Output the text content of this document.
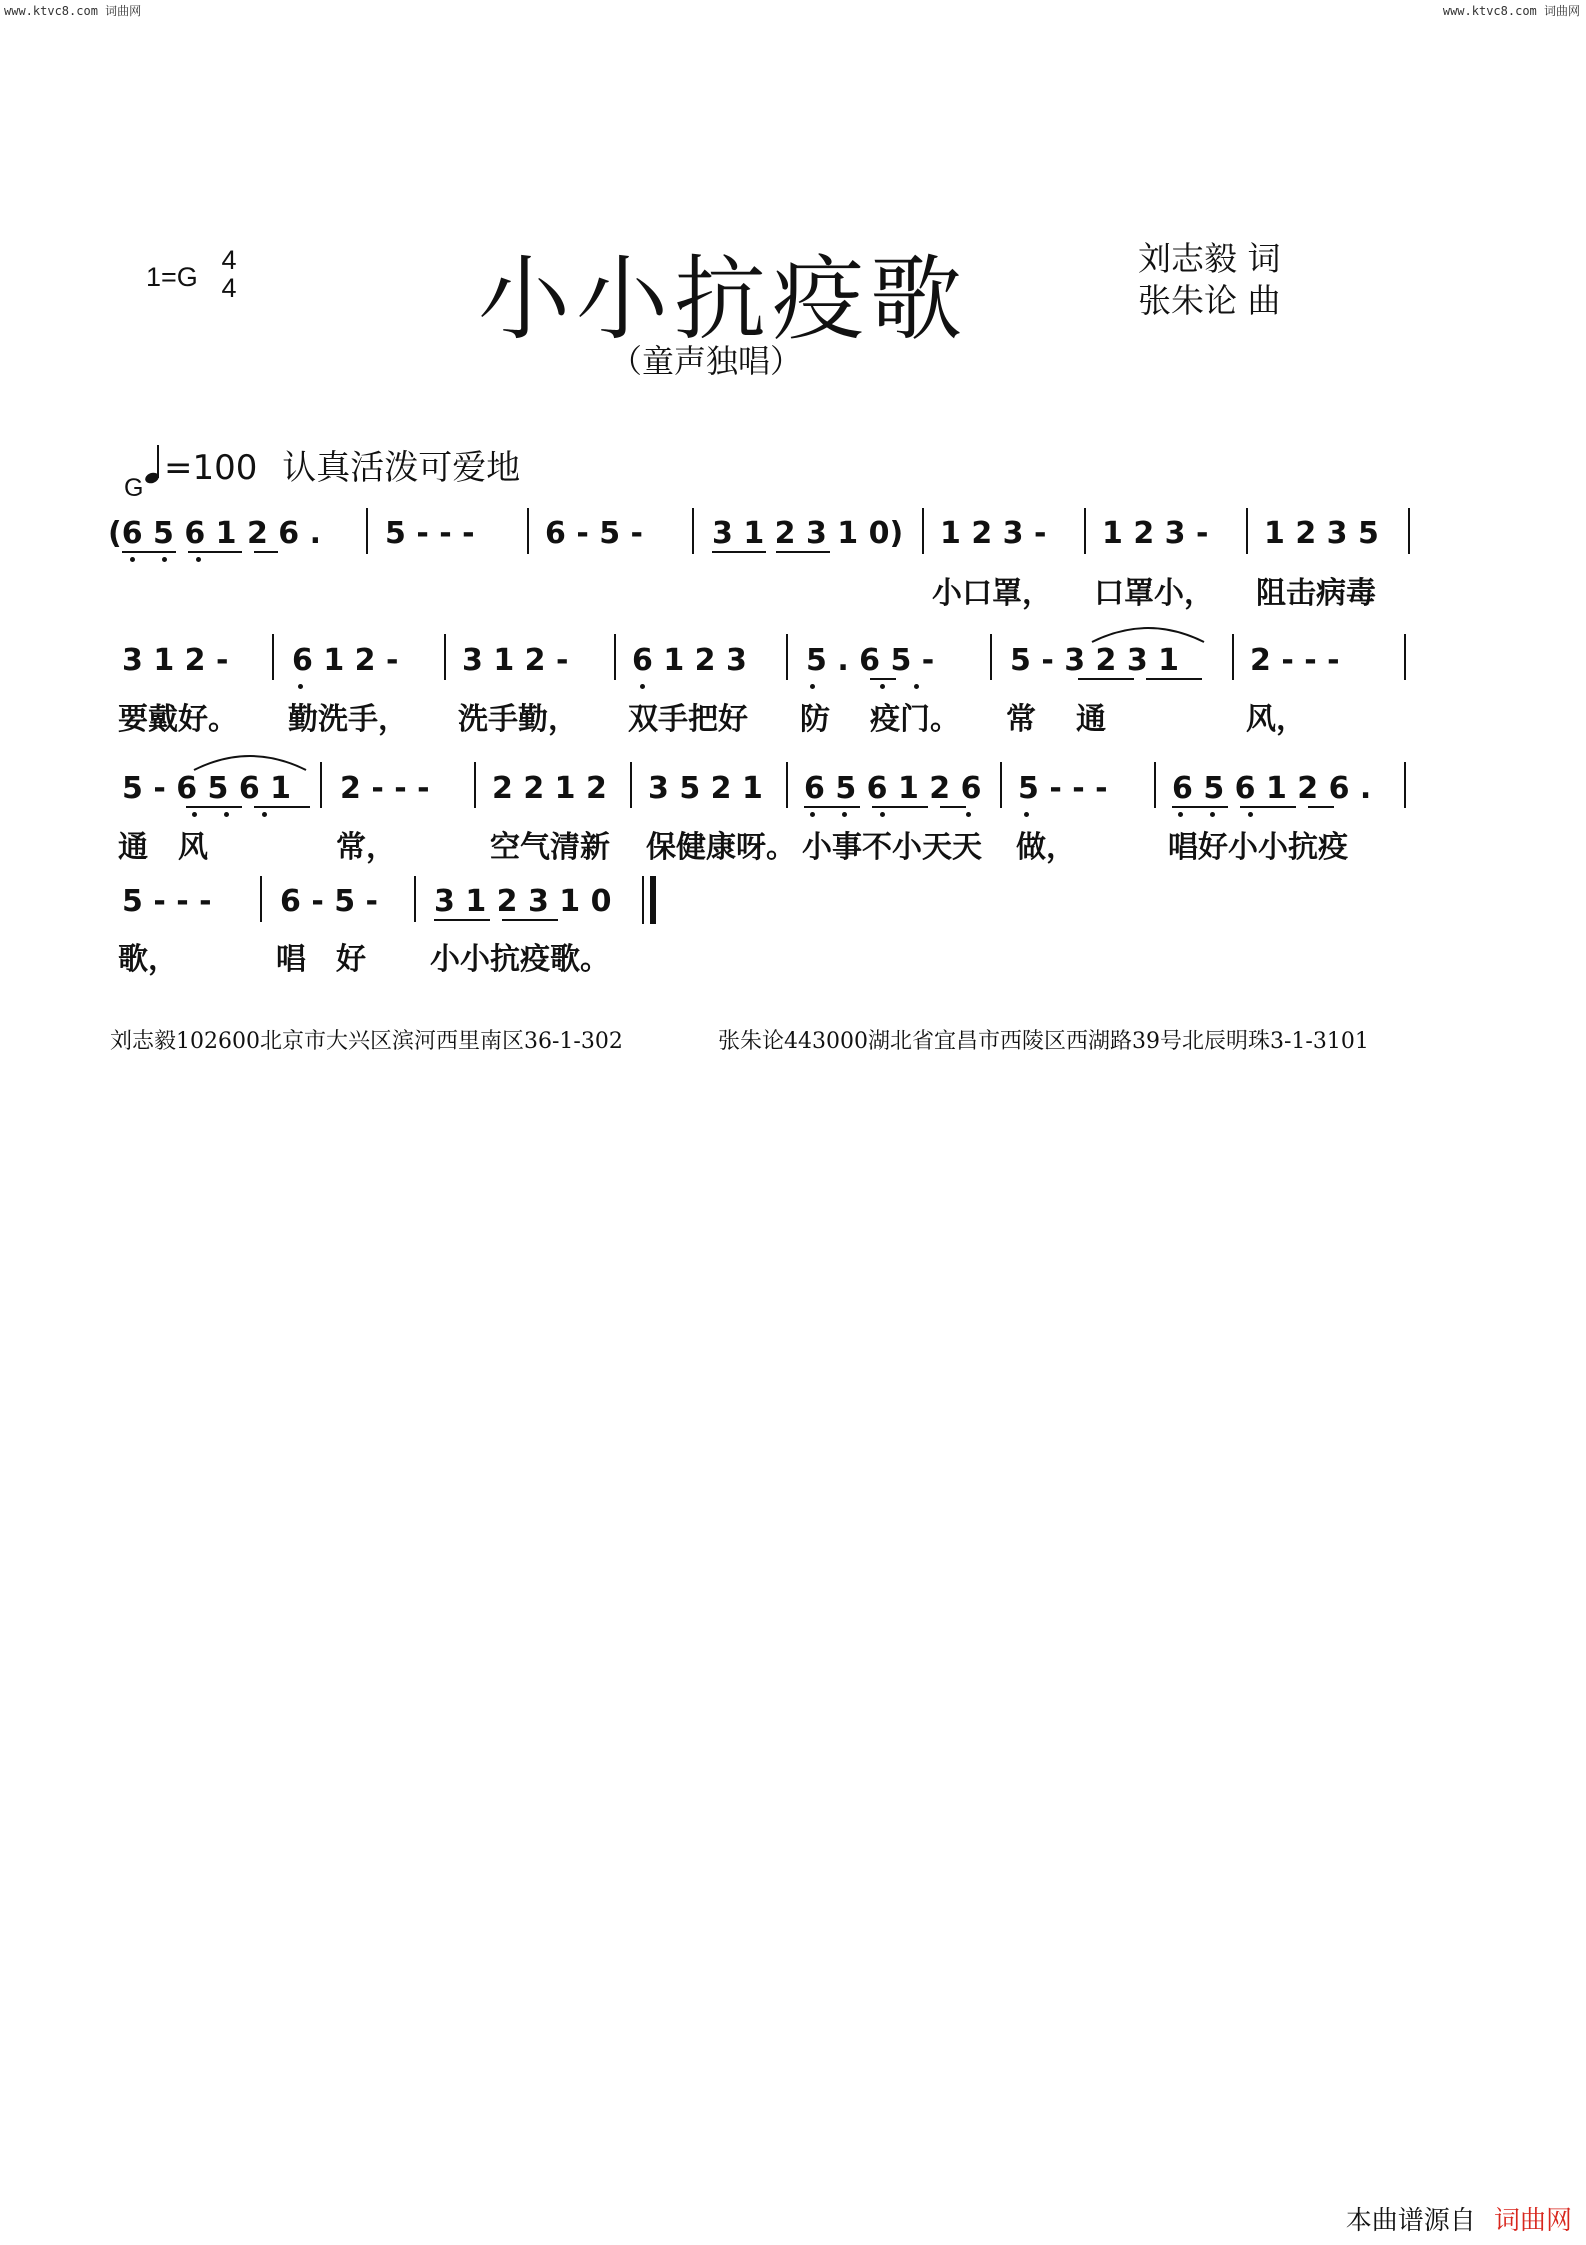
www.ktvc8.com 词曲网	www.ktvc8.com 词曲网
1=G
4
4	小小抗疫歌
（童声独唱）
刘志毅 词
张朱论 曲
=100 认真活泼可爱地
G
(6 5 6 1 2 6 . 5 - - - 6 - 5 - 3 1 2 3 1 0) 1 2 3 - 1 2 3 - 1 2 3 5
小口罩， 口罩小， 阻击病毒
3 1 2 - 6 1 2 - 3 1 2 - 6 1 2 3 5 . 6 5 -	5 - 3 2 3 1 2 - - -
要戴好。 勤洗手， 洗手勤， 双手把好 防 疫门。 常 通	风，
5 - 6 5 6 1 2 - - - 2 2 1 2 3 5 2 1 6 5 6 1 2 6 5 - - - 6 5 6 1 2 6 .
通 风	常，	空气清新 保健康呀。 小事不小天天 做，	唱好小小抗疫
5 - - - 6 - 5 - 3 1 2 3 1 0
歌，	唱 好 小小抗疫歌。
刘志毅102600北京市大兴区滨河西里南区36-1-302	张朱论443000湖北省宜昌市西陵区西湖路39号北辰明珠3-1-3101
本曲谱源自 词曲网
